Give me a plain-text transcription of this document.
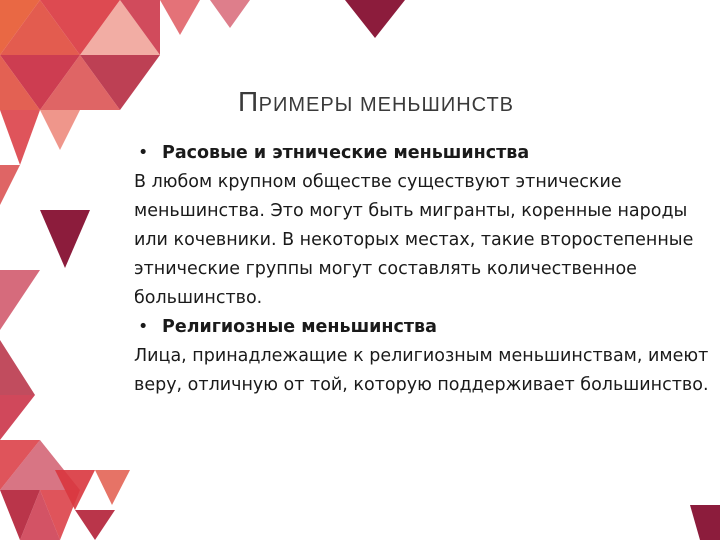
ПРИМЕРЫ МЕНЬШИНСТВ
• Расовые и этнические меньшинства

В любом крупном обществе существуют этнические меньшинства. Это могут быть мигранты, коренные народы или кочевники. В некоторых местах, такие второстепенные этнические группы могут составлять количественное большинство.

• Религиозные меньшинства

Лица, принадлежащие к религиозным меньшинствам, имеют веру, отличную от той, которую поддерживает большинство.
